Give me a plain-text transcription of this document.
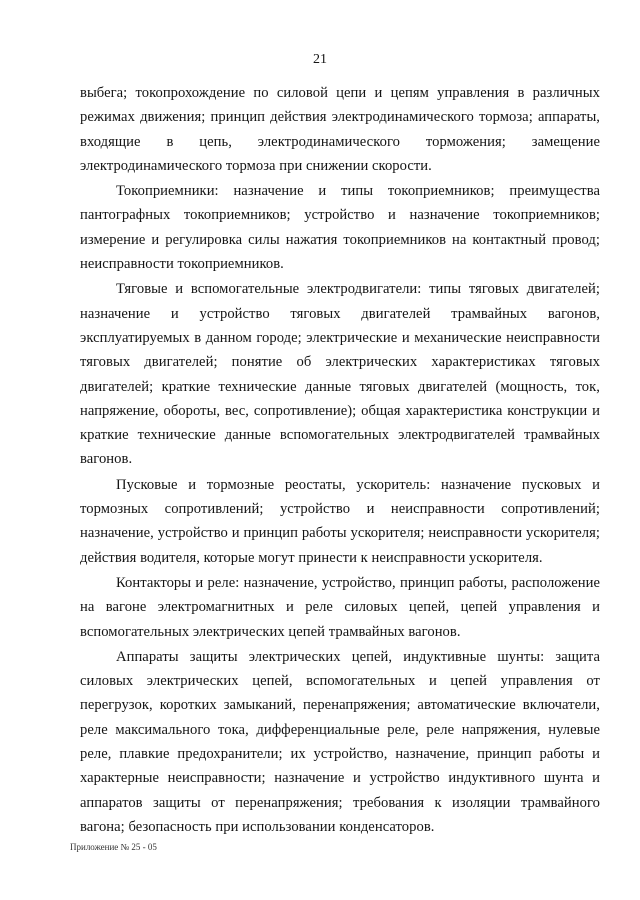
21

выбега; токопрохождение по силовой цепи и цепям управления в различных режимах движения; принцип действия электродинамического тормоза; аппараты, входящие в цепь, электродинамического торможения; замещение электродинамического тормоза при снижении скорости.

Токоприемники: назначение и типы токоприемников; преимущества пантографных токоприемников; устройство и назначение токоприемников; измерение и регулировка силы нажатия токоприемников на контактный провод; неисправности токоприемников.

Тяговые и вспомогательные электродвигатели: типы тяговых двигателей; назначение и устройство тяговых двигателей трамвайных вагонов, эксплуатируемых в данном городе; электрические и механические неисправности тяговых двигателей; понятие об электрических характеристиках тяговых двигателей; краткие технические данные тяговых двигателей (мощность, ток, напряжение, обороты, вес, сопротивление); общая характеристика конструкции и краткие технические данные вспомогательных электродвигателей трамвайных вагонов.

Пусковые и тормозные реостаты, ускоритель: назначение пусковых и тормозных сопротивлений; устройство и неисправности сопротивлений; назначение, устройство и принцип работы ускорителя; неисправности ускорителя; действия водителя, которые могут принести к неисправности ускорителя.

Контакторы и реле: назначение, устройство, принцип работы, расположение на вагоне электромагнитных и реле силовых цепей, цепей управления и вспомогательных электрических цепей трамвайных вагонов.

Аппараты защиты электрических цепей, индуктивные шунты: защита силовых электрических цепей, вспомогательных и цепей управления от перегрузок, коротких замыканий, перенапряжения; автоматические включатели, реле максимального тока, дифференциальные реле, реле напряжения, нулевые реле, плавкие предохранители; их устройство, назначение, принцип работы и характерные неисправности; назначение и устройство индуктивного шунта и аппаратов защиты от перенапряжения; требования к изоляции трамвайного вагона; безопасность при использовании конденсаторов.

Приложение № 25 - 05
